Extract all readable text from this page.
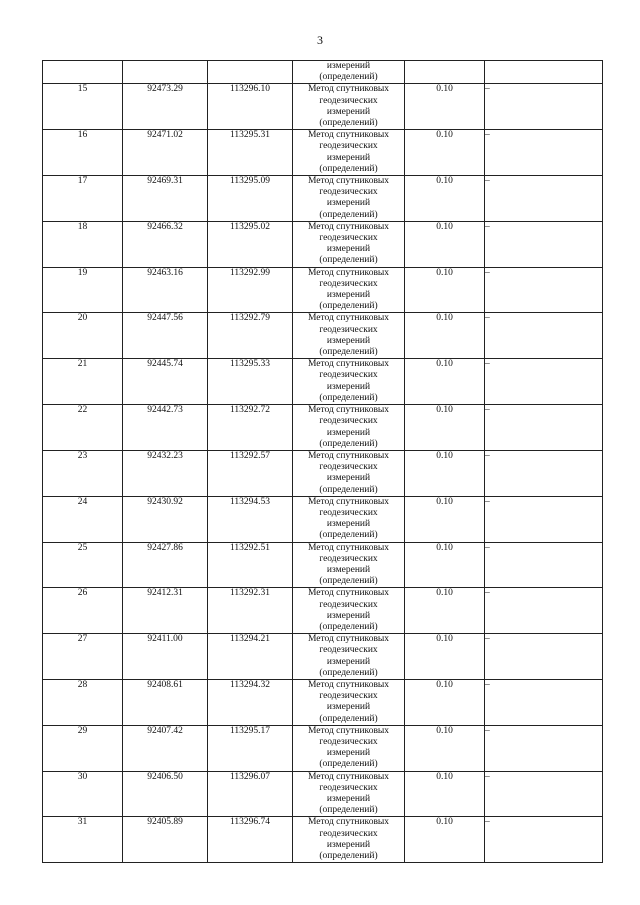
3

			измерений
(определений)		

15	92473.29	113296.10	Метод спутниковых
геодезических
измерений
(определений)	0.10	–
16	92471.02	113295.31	Метод спутниковых
геодезических
измерений
(определений)	0.10	–
17	92469.31	113295.09	Метод спутниковых
геодезических
измерений
(определений)	0.10	–
18	92466.32	113295.02	Метод спутниковых
геодезических
измерений
(определений)	0.10	–
19	92463.16	113292.99	Метод спутниковых
геодезических
измерений
(определений)	0.10	–
20	92447.56	113292.79	Метод спутниковых
геодезических
измерений
(определений)	0.10	–
21	92445.74	113295.33	Метод спутниковых
геодезических
измерений
(определений)	0.10	–
22	92442.73	113292.72	Метод спутниковых
геодезических
измерений
(определений)	0.10	–
23	92432.23	113292.57	Метод спутниковых
геодезических
измерений
(определений)	0.10	–
24	92430.92	113294.53	Метод спутниковых
геодезических
измерений
(определений)	0.10	–
25	92427.86	113292.51	Метод спутниковых
геодезических
измерений
(определений)	0.10	–
26	92412.31	113292.31	Метод спутниковых
геодезических
измерений
(определений)	0.10	–
27	92411.00	113294.21	Метод спутниковых
геодезических
измерений
(определений)	0.10	–
28	92408.61	113294.32	Метод спутниковых
геодезических
измерений
(определений)	0.10	–
29	92407.42	113295.17	Метод спутниковых
геодезических
измерений
(определений)	0.10	–
30	92406.50	113296.07	Метод спутниковых
геодезических
измерений
(определений)	0.10	–
31	92405.89	113296.74	Метод спутниковых
геодезических
измерений
(определений)	0.10	–
